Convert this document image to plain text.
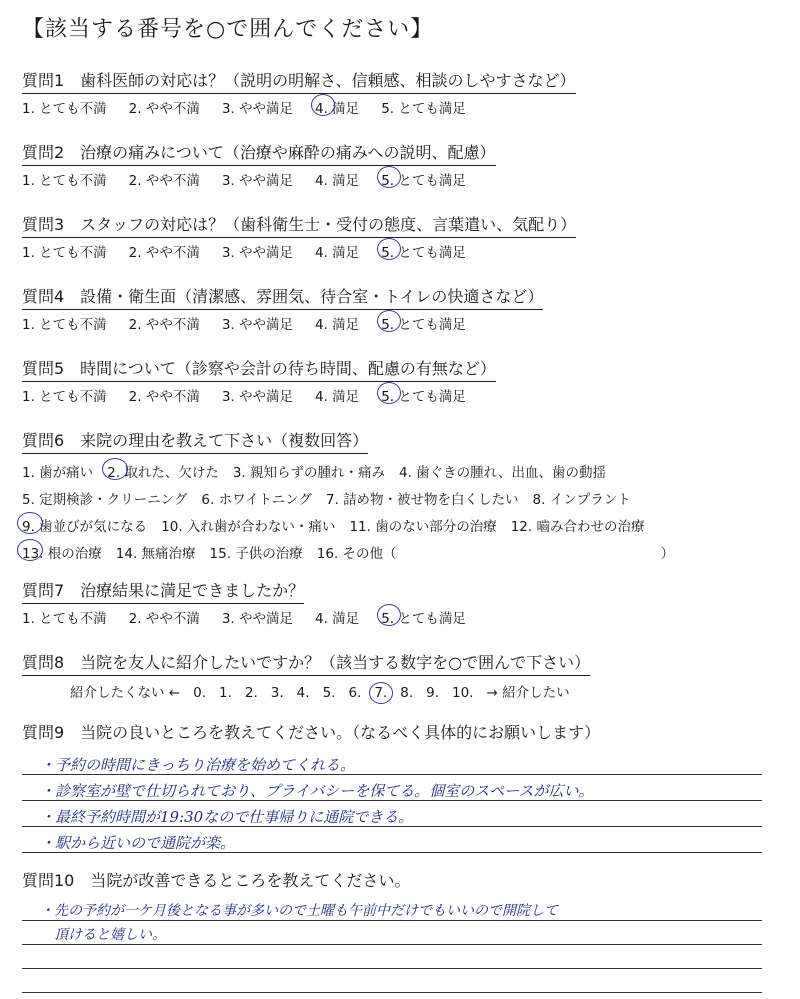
【該当する番号を○で囲んでください】
質問1　歯科医師の対応は？（説明の明解さ、信頼感、相談のしやすさなど）
1. とても不満 2. やや不満 3. やや満足 4. 満足 5. とても満足
質問2　治療の痛みについて（治療や麻酔の痛みへの説明、配慮）
1. とても不満 2. やや不満 3. やや満足 4. 満足 5. とても満足
質問3　スタッフの対応は？（歯科衛生士・受付の態度、言葉遣い、気配り）
1. とても不満 2. やや不満 3. やや満足 4. 満足 5. とても満足
質問4　設備・衛生面（清潔感、雰囲気、待合室・トイレの快適さなど）
1. とても不満 2. やや不満 3. やや満足 4. 満足 5. とても満足
質問5　時間について（診察や会計の待ち時間、配慮の有無など）
1. とても不満 2. やや不満 3. やや満足 4. 満足 5. とても満足
質問6　来院の理由を教えて下さい（複数回答）
1. 歯が痛い 2. 取れた、欠けた 3. 親知らずの腫れ・痛み 4. 歯ぐきの腫れ、出血、歯の動揺
5. 定期検診・クリーニング 6. ホワイトニング 7. 詰め物・被せ物を白くしたい 8. インプラント
9. 歯並びが気になる 10. 入れ歯が合わない・痛い 11. 歯のない部分の治療 12. 嚙み合わせの治療
13. 根の治療 14. 無痛治療 15. 子供の治療 16. その他（	）
質問7　治療結果に満足できましたか？
1. とても不満 2. やや不満 3. やや満足 4. 満足 5. とても満足
質問8　当院を友人に紹介したいですか？（該当する数字を○で囲んで下さい）
紹介したくない ← 0. 1. 2. 3. 4. 5. 6. 7. 8. 9. 10. → 紹介したい
質問9　当院の良いところを教えてください。（なるべく具体的にお願いします）
・予約の時間にきっちり治療を始めてくれる。
・診察室が壁で仕切られており、プライバシーを保てる。個室のスペースが広い。
・最終予約時間が19:30なので仕事帰りに通院できる。
・駅から近いので通院が楽。
質問10　当院が改善できるところを教えてください。
・先の予約が一ケ月後となる事が多いので土曜も午前中だけでもいいので開院して
　頂けると嬉しい。
